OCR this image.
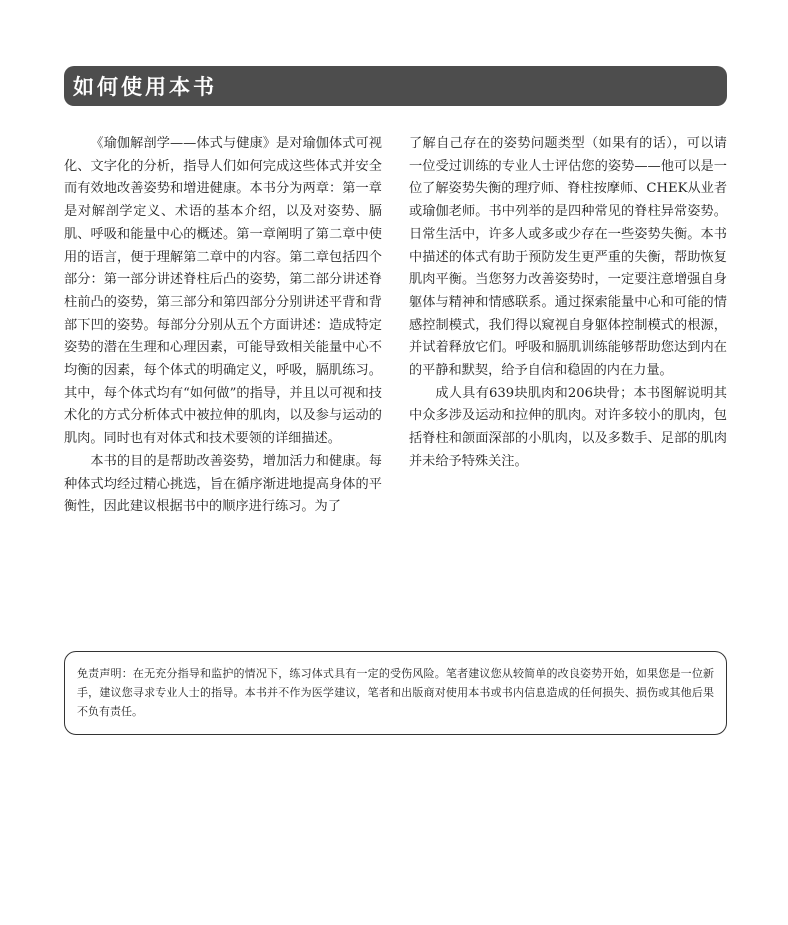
如何使用本书

《瑜伽解剖学——体式与健康》是对瑜伽体式可视化、文字化的分析，指导人们如何完成这些体式并安全而有效地改善姿势和增进健康。本书分为两章：第一章是对解剖学定义、术语的基本介绍，以及对姿势、膈肌、呼吸和能量中心的概述。第一章阐明了第二章中使用的语言，便于理解第二章中的内容。第二章包括四个部分：第一部分讲述脊柱后凸的姿势，第二部分讲述脊柱前凸的姿势，第三部分和第四部分分别讲述平背和背部下凹的姿势。每部分分别从五个方面讲述：造成特定姿势的潜在生理和心理因素，可能导致相关能量中心不均衡的因素，每个体式的明确定义，呼吸，膈肌练习。其中，每个体式均有“如何做”的指导，并且以可视和技术化的方式分析体式中被拉伸的肌肉，以及参与运动的肌肉。同时也有对体式和技术要领的详细描述。

本书的目的是帮助改善姿势，增加活力和健康。每种体式均经过精心挑选，旨在循序渐进地提高身体的平衡性，因此建议根据书中的顺序进行练习。为了

了解自己存在的姿势问题类型（如果有的话），可以请一位受过训练的专业人士评估您的姿势——他可以是一位了解姿势失衡的理疗师、脊柱按摩师、CHEK从业者或瑜伽老师。书中列举的是四种常见的脊柱异常姿势。日常生活中，许多人或多或少存在一些姿势失衡。本书中描述的体式有助于预防发生更严重的失衡，帮助恢复肌肉平衡。当您努力改善姿势时，一定要注意增强自身躯体与精神和情感联系。通过探索能量中心和可能的情感控制模式，我们得以窥视自身躯体控制模式的根源，并试着释放它们。呼吸和膈肌训练能够帮助您达到内在的平静和默契，给予自信和稳固的内在力量。

成人具有639块肌肉和206块骨；本书图解说明其中众多涉及运动和拉伸的肌肉。对许多较小的肌肉，包括脊柱和颌面深部的小肌肉，以及多数手、足部的肌肉并未给予特殊关注。

免责声明：在无充分指导和监护的情况下，练习体式具有一定的受伤风险。笔者建议您从较简单的改良姿势开始，如果您是一位新手，建议您寻求专业人士的指导。本书并不作为医学建议，笔者和出版商对使用本书或书内信息造成的任何损失、损伤或其他后果不负有责任。
